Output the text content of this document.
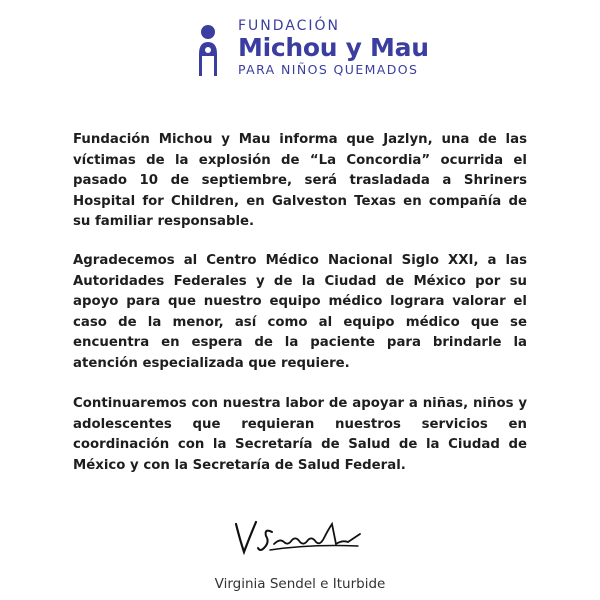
FUNDACIÓN
Michou y Mau
PARA NIÑOS QUEMADOS

Fundación Michou y Mau informa que Jazlyn, una de las víctimas de la explosión de “La Concordia” ocurrida el pasado 10 de septiembre, será trasladada a Shriners Hospital for Children, en Galveston Texas en compañía de su familiar responsable.

Agradecemos al Centro Médico Nacional Siglo XXI, a las Autoridades Federales y de la Ciudad de México por su apoyo para que nuestro equipo médico lograra valorar el caso de la menor, así como al equipo médico que se encuentra en espera de la paciente para brindarle la atención especializada que requiere.

Continuaremos con nuestra labor de apoyar a niñas, niños y adolescentes que requieran nuestros servicios en coordinación con la Secretaría de Salud de la Ciudad de México y con la Secretaría de Salud Federal.

Virginia Sendel e Iturbide
